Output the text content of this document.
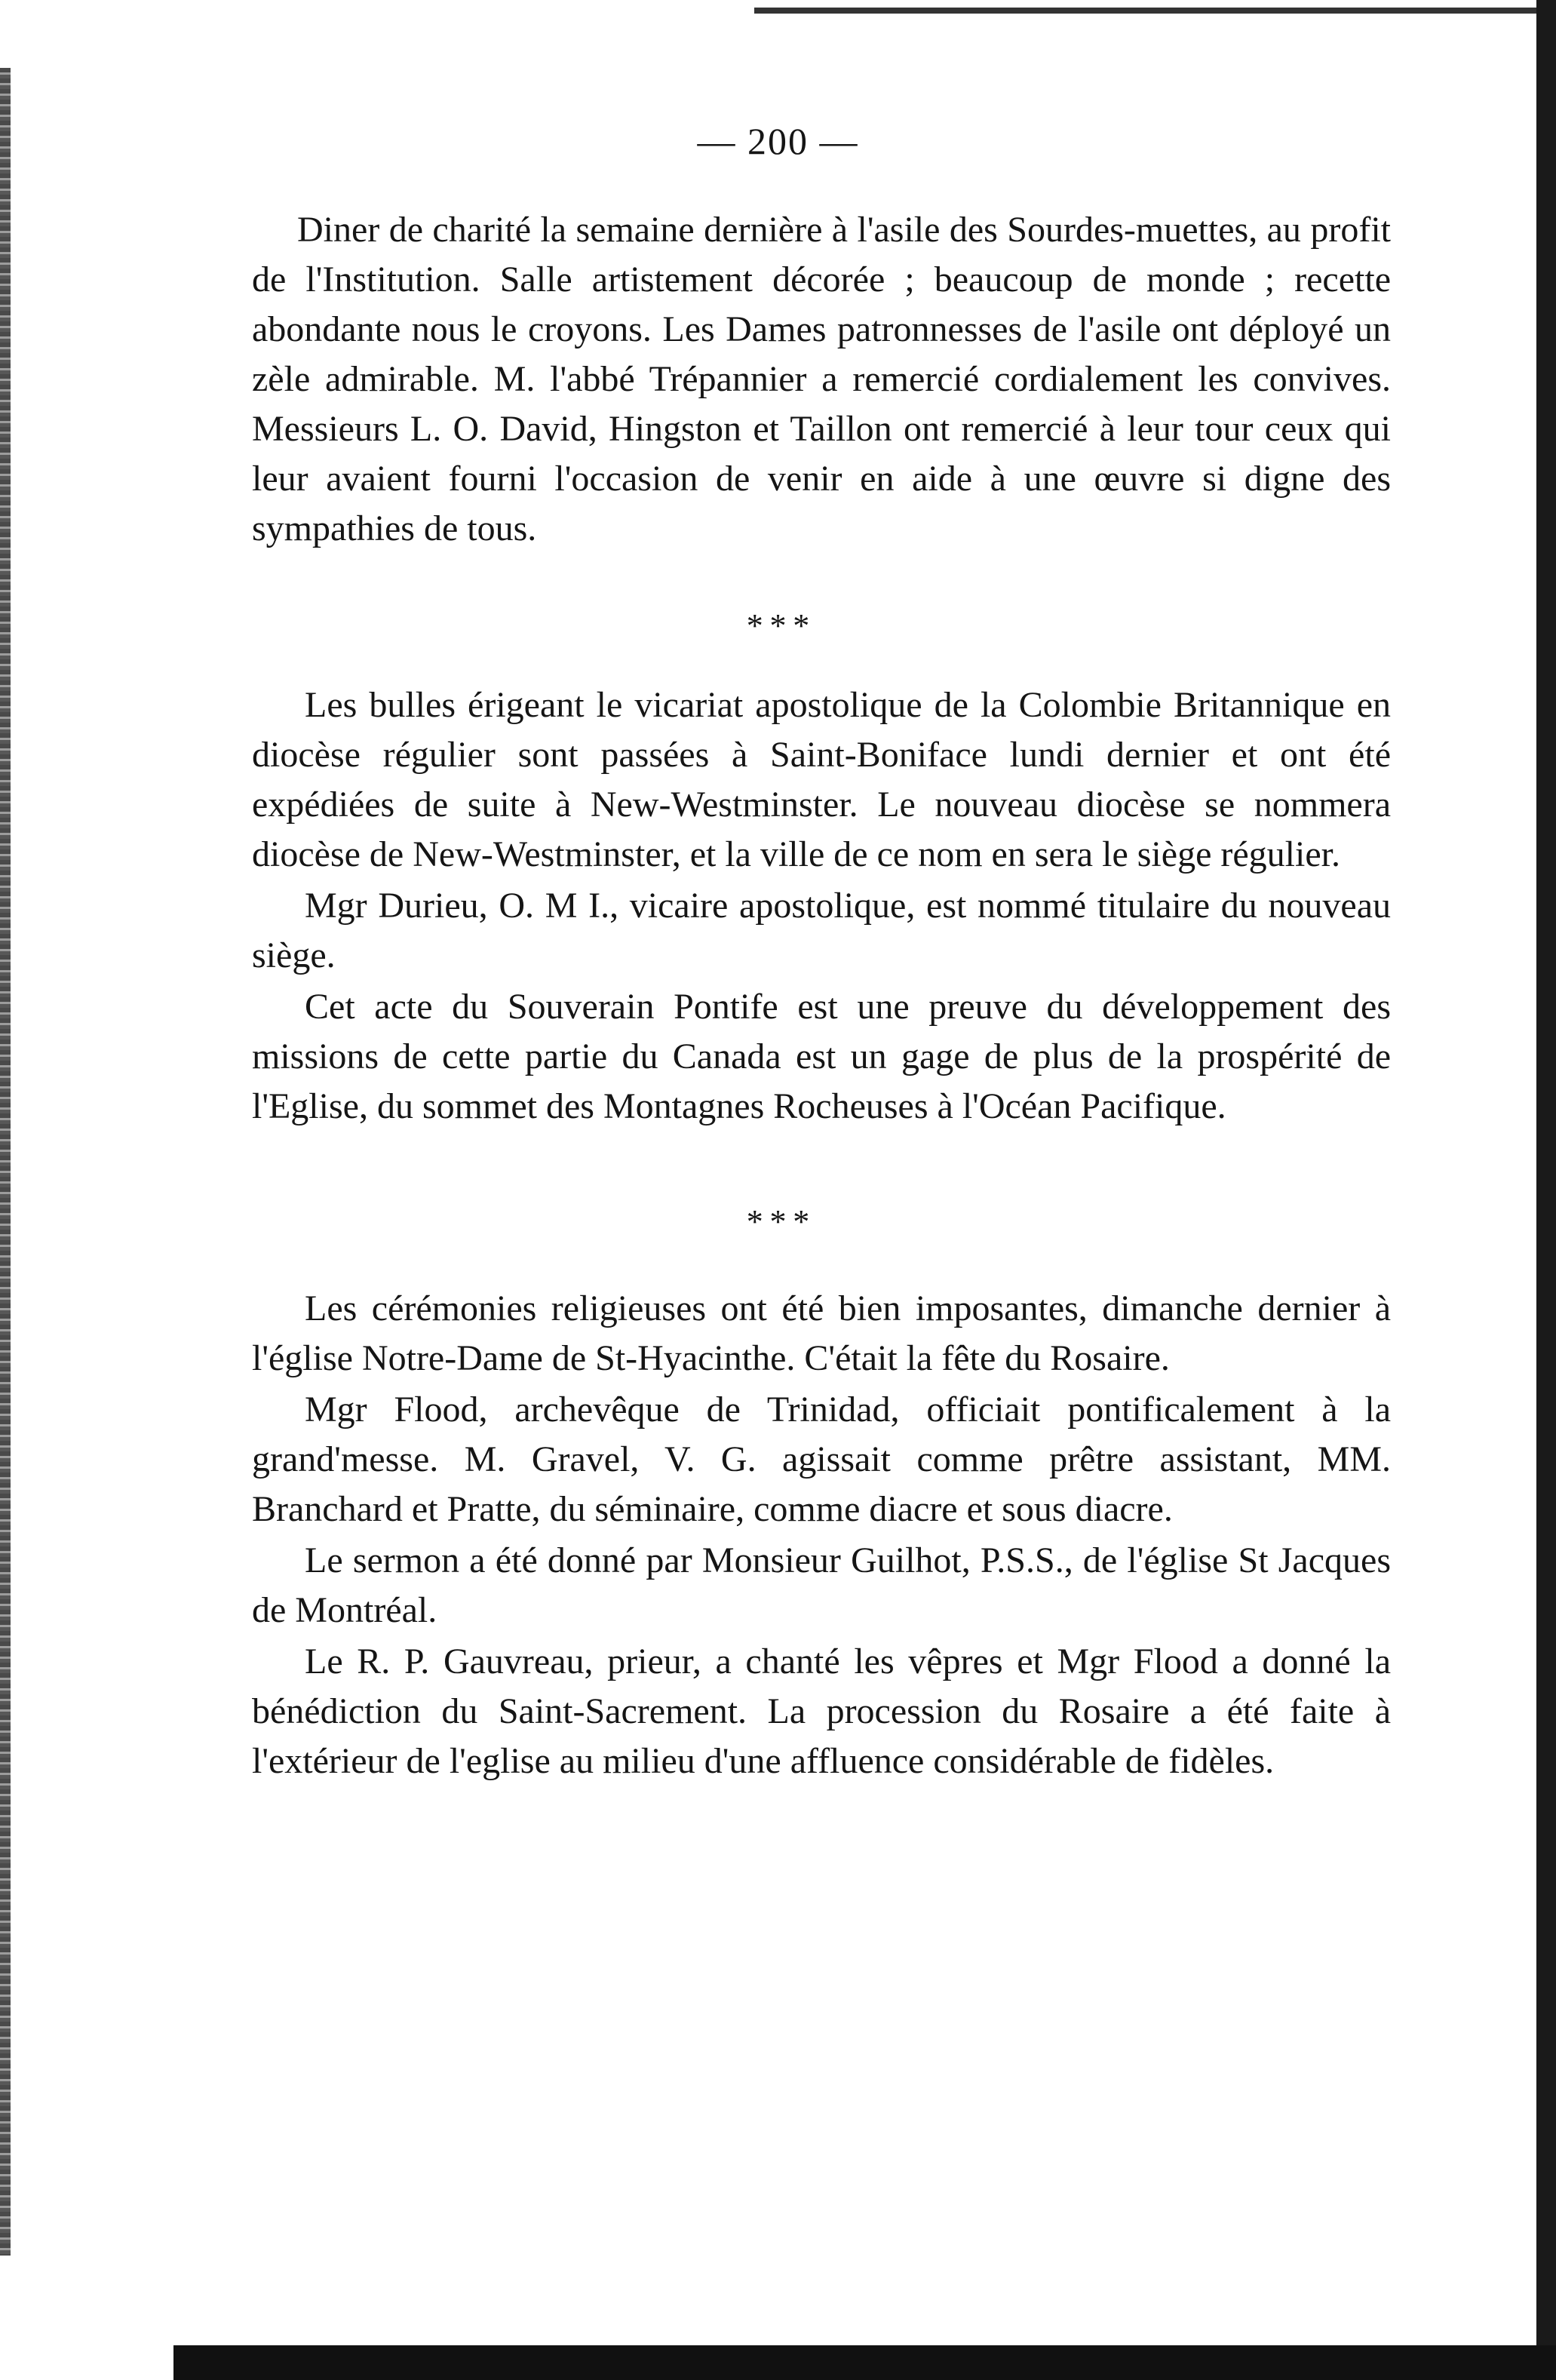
— 200 —

Diner de charité la semaine dernière à l'asile des Sourdes-muettes, au profit de l'Institution. Salle artistement décorée ; beaucoup de monde ; recette abondante nous le croyons. Les Dames patronnesses de l'asile ont déployé un zèle admirable. M. l'abbé Trépannier a remercié cordialement les convives. Messieurs L. O. David, Hingston et Taillon ont remercié à leur tour ceux qui leur avaient fourni l'occasion de venir en aide à une œuvre si digne des sympathies de tous.

* * *

Les bulles érigeant le vicariat apostolique de la Colombie Britannique en diocèse régulier sont passées à Saint-Boniface lundi dernier et ont été expédiées de suite à New-Westminster. Le nouveau diocèse se nommera diocèse de New-Westminster, et la ville de ce nom en sera le siège régulier.

Mgr Durieu, O. M I., vicaire apostolique, est nommé titulaire du nouveau siège.

Cet acte du Souverain Pontife est une preuve du développement des missions de cette partie du Canada est un gage de plus de la prospérité de l'Eglise, du sommet des Montagnes Rocheuses à l'Océan Pacifique.

* * *

Les cérémonies religieuses ont été bien imposantes, dimanche dernier à l'église Notre-Dame de St-Hyacinthe. C'était la fête du Rosaire.

Mgr Flood, archevêque de Trinidad, officiait pontificalement à la grand'messe. M. Gravel, V. G. agissait comme prêtre assistant, MM. Branchard et Pratte, du séminaire, comme diacre et sous diacre.

Le sermon a été donné par Monsieur Guilhot, P.S.S., de l'église St Jacques de Montréal.

Le R. P. Gauvreau, prieur, a chanté les vêpres et Mgr Flood a donné la bénédiction du Saint-Sacrement. La procession du Rosaire a été faite à l'extérieur de l'eglise au milieu d'une affluence considérable de fidèles.
